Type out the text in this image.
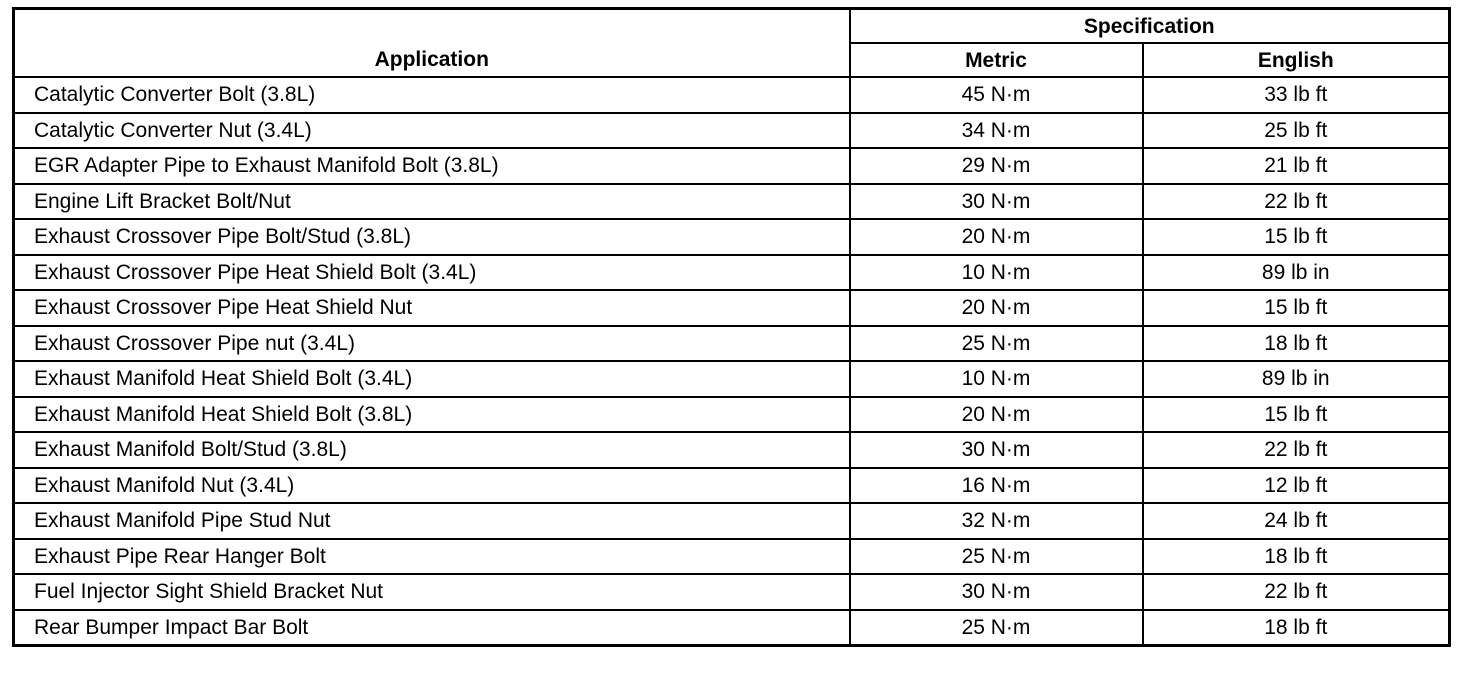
Application	Specification	
	Metric	English
Catalytic Converter Bolt (3.8L)	45 N·m	33 lb ft
Catalytic Converter Nut (3.4L)	34 N·m	25 lb ft
EGR Adapter Pipe to Exhaust Manifold Bolt (3.8L)	29 N·m	21 lb ft
Engine Lift Bracket Bolt/Nut	30 N·m	22 lb ft
Exhaust Crossover Pipe Bolt/Stud (3.8L)	20 N·m	15 lb ft
Exhaust Crossover Pipe Heat Shield Bolt (3.4L)	10 N·m	89 lb in
Exhaust Crossover Pipe Heat Shield Nut	20 N·m	15 lb ft
Exhaust Crossover Pipe nut (3.4L)	25 N·m	18 lb ft
Exhaust Manifold Heat Shield Bolt (3.4L)	10 N·m	89 lb in
Exhaust Manifold Heat Shield Bolt (3.8L)	20 N·m	15 lb ft
Exhaust Manifold Bolt/Stud (3.8L)	30 N·m	22 lb ft
Exhaust Manifold Nut (3.4L)	16 N·m	12 lb ft
Exhaust Manifold Pipe Stud Nut	32 N·m	24 lb ft
Exhaust Pipe Rear Hanger Bolt	25 N·m	18 lb ft
Fuel Injector Sight Shield Bracket Nut	30 N·m	22 lb ft
Rear Bumper Impact Bar Bolt	25 N·m	18 lb ft
